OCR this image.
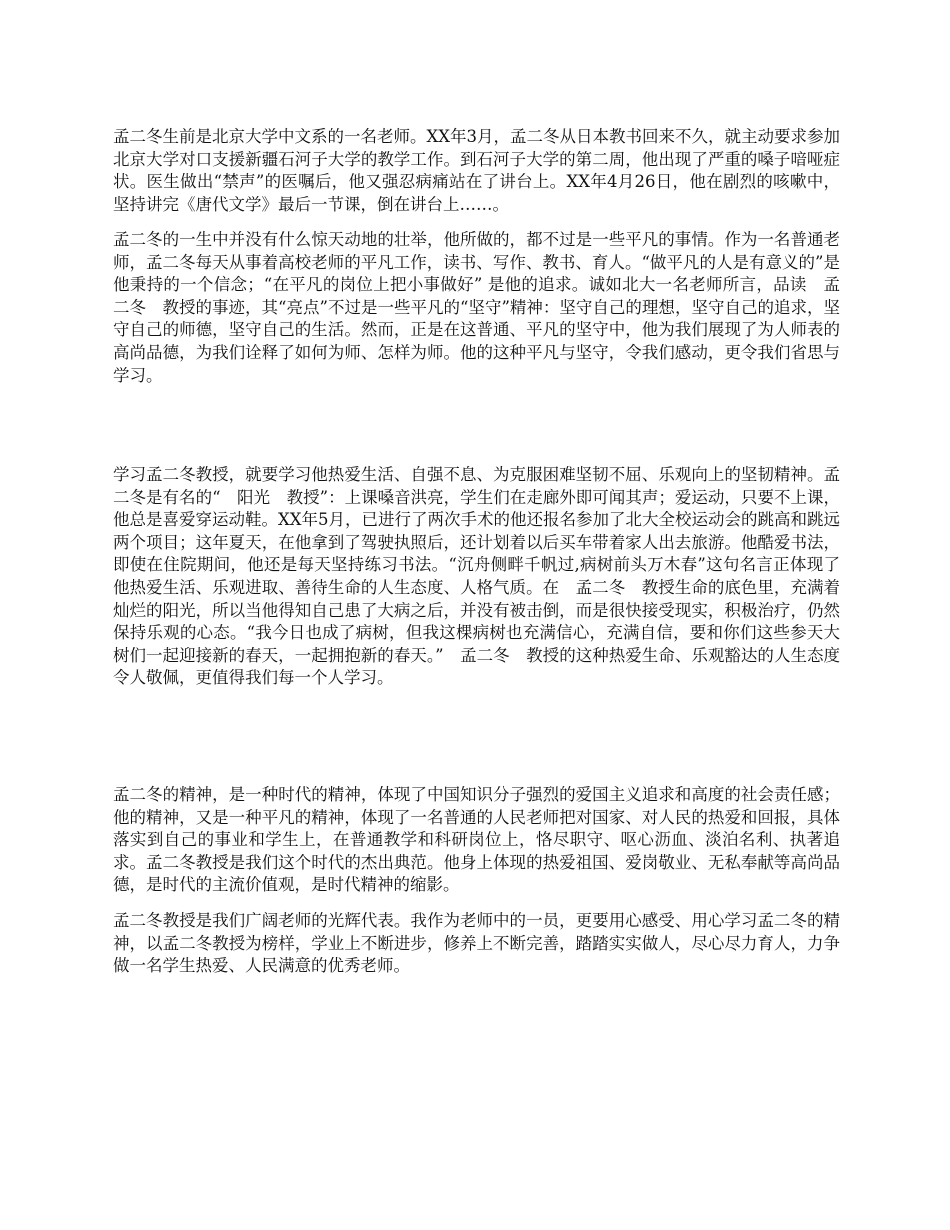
孟二冬生前是北京大学中文系的一名老师。XX年3月，孟二冬从日本教书回来不久，就主动要求参加北京大学对口支援新疆石河子大学的教学工作。到石河子大学的第二周，他出现了严重的嗓子喑哑症状。医生做出“禁声”的医嘱后，他又强忍病痛站在了讲台上。XX年4月26日，他在剧烈的咳嗽中，坚持讲完《唐代文学》最后一节课，倒在讲台上……。

孟二冬的一生中并没有什么惊天动地的壮举，他所做的，都不过是一些平凡的事情。作为一名普通老师，孟二冬每天从事着高校老师的平凡工作，读书、写作、教书、育人。“做平凡的人是有意义的”是他秉持的一个信念；“在平凡的岗位上把小事做好” 是他的追求。诚如北大一名老师所言，品读　孟二冬　教授的事迹，其“亮点”不过是一些平凡的“坚守”精神：坚守自己的理想，坚守自己的追求，坚守自己的师德，坚守自己的生活。然而，正是在这普通、平凡的坚守中，他为我们展现了为人师表的高尚品德，为我们诠释了如何为师、怎样为师。他的这种平凡与坚守，令我们感动，更令我们省思与学习。

学习孟二冬教授，就要学习他热爱生活、自强不息、为克服困难坚韧不屈、乐观向上的坚韧精神。孟二冬是有名的“　阳光　教授”：上课嗓音洪亮，学生们在走廊外即可闻其声；爱运动，只要不上课，他总是喜爱穿运动鞋。XX年5月，已进行了两次手术的他还报名参加了北大全校运动会的跳高和跳远两个项目；这年夏天，在他拿到了驾驶执照后，还计划着以后买车带着家人出去旅游。他酷爱书法，即使在住院期间，他还是每天坚持练习书法。“沉舟侧畔千帆过,病树前头万木春”这句名言正体现了他热爱生活、乐观进取、善待生命的人生态度、人格气质。在　孟二冬　教授生命的底色里，充满着灿烂的阳光，所以当他得知自己患了大病之后，并没有被击倒，而是很快接受现实，积极治疗，仍然保持乐观的心态。“我今日也成了病树，但我这棵病树也充满信心，充满自信，要和你们这些参天大树们一起迎接新的春天，一起拥抱新的春天。”　孟二冬　教授的这种热爱生命、乐观豁达的人生态度令人敬佩，更值得我们每一个人学习。

孟二冬的精神，是一种时代的精神，体现了中国知识分子强烈的爱国主义追求和高度的社会责任感；他的精神，又是一种平凡的精神，体现了一名普通的人民老师把对国家、对人民的热爱和回报，具体落实到自己的事业和学生上，在普通教学和科研岗位上，恪尽职守、呕心沥血、淡泊名利、执著追求。孟二冬教授是我们这个时代的杰出典范。他身上体现的热爱祖国、爱岗敬业、无私奉献等高尚品德，是时代的主流价值观，是时代精神的缩影。

孟二冬教授是我们广阔老师的光辉代表。我作为老师中的一员，更要用心感受、用心学习孟二冬的精神，以孟二冬教授为榜样，学业上不断进步，修养上不断完善，踏踏实实做人，尽心尽力育人，力争做一名学生热爱、人民满意的优秀老师。
